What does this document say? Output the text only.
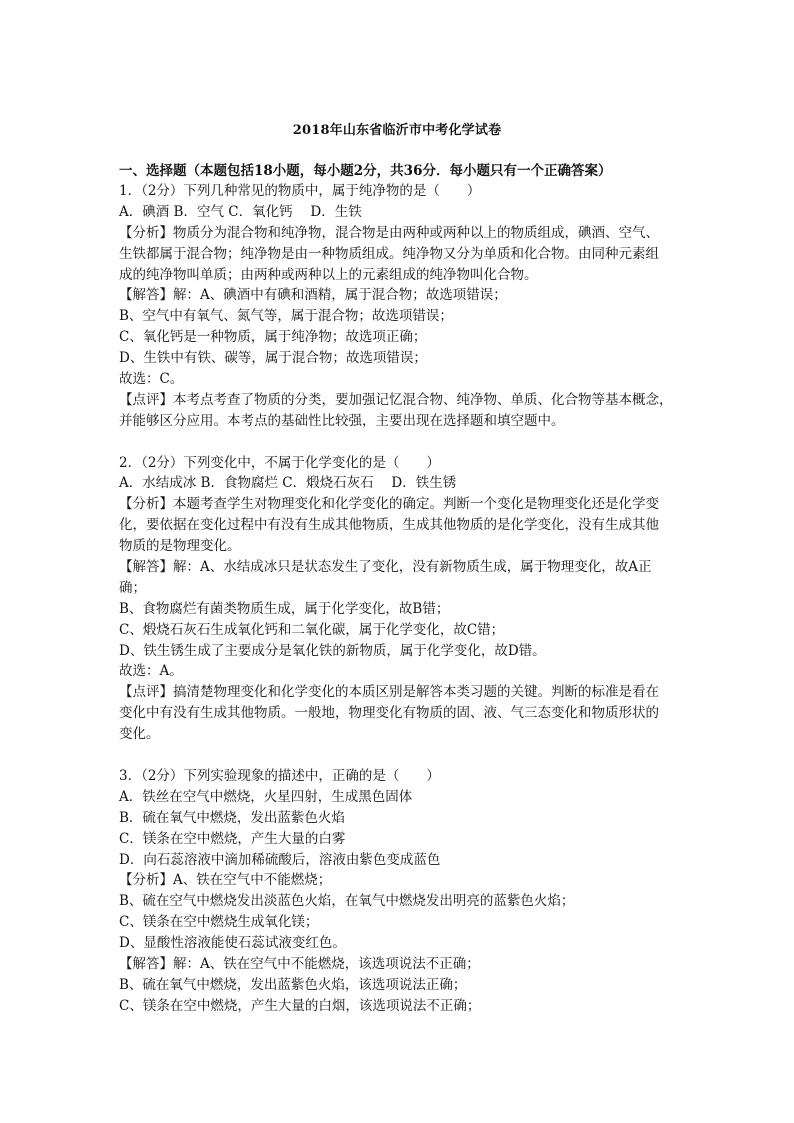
2018年山东省临沂市中考化学试卷
一、选择题（本题包括18小题，每小题2分，共36分．每小题只有一个正确答案）
1．（2分）下列几种常见的物质中，属于纯净物的是（　　）
A．碘酒 B．空气 C．氧化钙　 D．生铁
【分析】物质分为混合物和纯净物，混合物是由两种或两种以上的物质组成，碘酒、空气、
生铁都属于混合物；纯净物是由一种物质组成。纯净物又分为单质和化合物。由同种元素组
成的纯净物叫单质；由两种或两种以上的元素组成的纯净物叫化合物。
【解答】解：A、碘酒中有碘和酒精，属于混合物；故选项错误；
B、空气中有氧气、氮气等，属于混合物；故选项错误；
C、氧化钙是一种物质，属于纯净物；故选项正确；
D、生铁中有铁、碳等，属于混合物；故选项错误；
故选：C。
【点评】本考点考查了物质的分类，要加强记忆混合物、纯净物、单质、化合物等基本概念，
并能够区分应用。本考点的基础性比较强，主要出现在选择题和填空题中。
2．（2分）下列变化中，不属于化学变化的是（　　）
A．水结成冰 B．食物腐烂 C．煅烧石灰石　 D．铁生锈
【分析】本题考查学生对物理变化和化学变化的确定。判断一个变化是物理变化还是化学变
化，要依据在变化过程中有没有生成其他物质，生成其他物质的是化学变化，没有生成其他
物质的是物理变化。
【解答】解：A、水结成冰只是状态发生了变化，没有新物质生成，属于物理变化，故A正
确；
B、食物腐烂有菌类物质生成，属于化学变化，故B错；
C、煅烧石灰石生成氧化钙和二氧化碳，属于化学变化，故C错；
D、铁生锈生成了主要成分是氧化铁的新物质，属于化学变化，故D错。
故选：A。
【点评】搞清楚物理变化和化学变化的本质区别是解答本类习题的关键。判断的标准是看在
变化中有没有生成其他物质。一般地，物理变化有物质的固、液、气三态变化和物质形状的
变化。
3．（2分）下列实验现象的描述中，正确的是（　　）
A．铁丝在空气中燃烧，火星四射，生成黑色固体
B．硫在氧气中燃烧，发出蓝紫色火焰
C．镁条在空中燃烧，产生大量的白雾
D．向石蕊溶液中滴加稀硫酸后，溶液由紫色变成蓝色
【分析】A、铁在空气中不能燃烧；
B、硫在空气中燃烧发出淡蓝色火焰，在氧气中燃烧发出明亮的蓝紫色火焰；
C、镁条在空中燃烧生成氧化镁；
D、显酸性溶液能使石蕊试液变红色。
【解答】解：A、铁在空气中不能燃烧，该选项说法不正确；
B、硫在氧气中燃烧，发出蓝紫色火焰，该选项说法正确；
C、镁条在空中燃烧，产生大量的白烟，该选项说法不正确；
